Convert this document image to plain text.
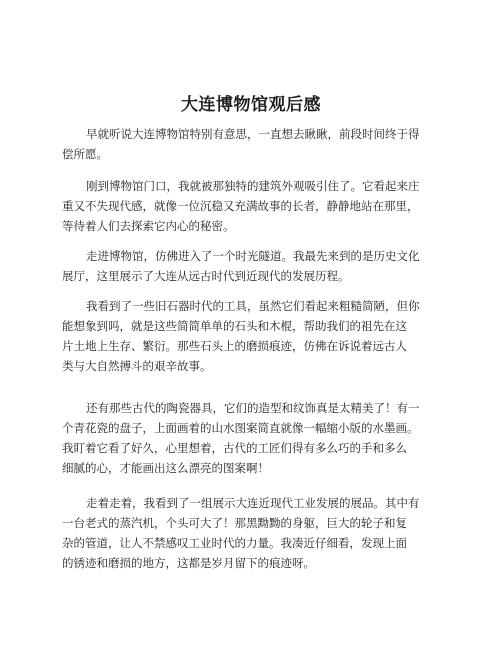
大连博物馆观后感
早就听说大连博物馆特别有意思，一直想去瞅瞅，前段时间终于得
偿所愿。
刚到博物馆门口，我就被那独特的建筑外观吸引住了。它看起来庄
重又不失现代感，就像一位沉稳又充满故事的长者，静静地站在那里，
等待着人们去探索它内心的秘密。
走进博物馆，仿佛进入了一个时光隧道。我最先来到的是历史文化
展厅，这里展示了大连从远古时代到近现代的发展历程。
我看到了一些旧石器时代的工具，虽然它们看起来粗糙简陋，但你
能想象到吗，就是这些简简单单的石头和木棍，帮助我们的祖先在这
片土地上生存、繁衍。那些石头上的磨损痕迹，仿佛在诉说着远古人
类与大自然搏斗的艰辛故事。
还有那些古代的陶瓷器具，它们的造型和纹饰真是太精美了！有一
个青花瓷的盘子，上面画着的山水图案简直就像一幅缩小版的水墨画。
我盯着它看了好久，心里想着，古代的工匠们得有多么巧的手和多么
细腻的心，才能画出这么漂亮的图案啊！
走着走着，我看到了一组展示大连近现代工业发展的展品。其中有
一台老式的蒸汽机，个头可大了！那黑黝黝的身躯，巨大的轮子和复
杂的管道，让人不禁感叹工业时代的力量。我凑近仔细看，发现上面
的锈迹和磨损的地方，这都是岁月留下的痕迹呀。
